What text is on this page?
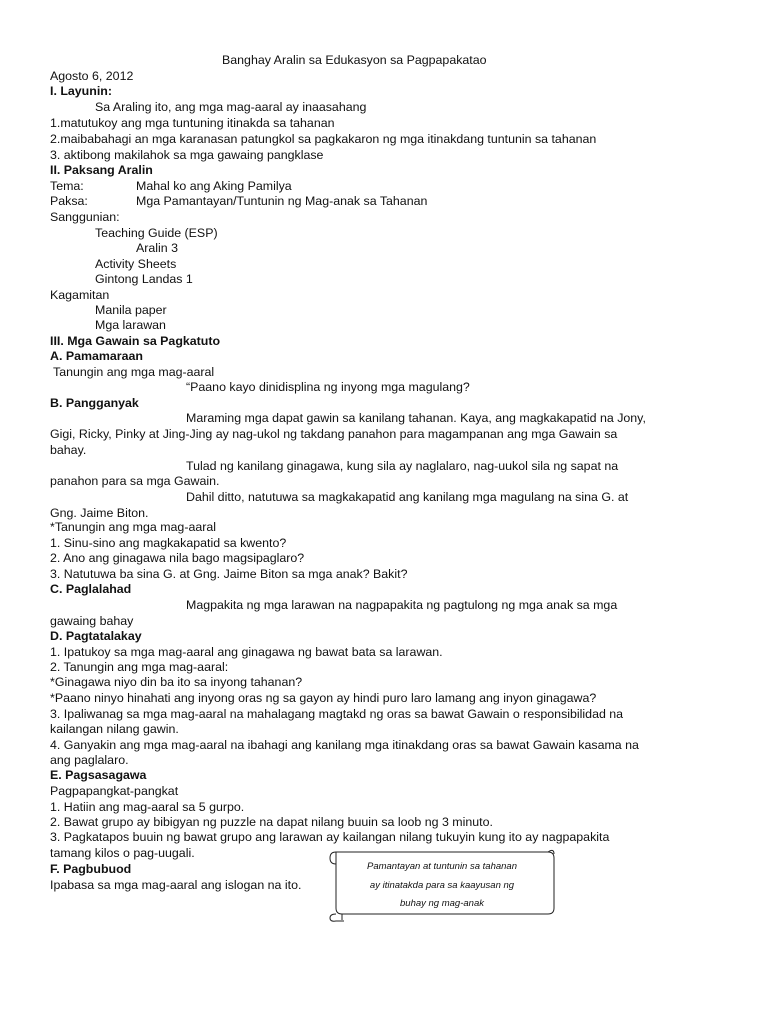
Banghay Aralin sa Edukasyon sa Pagpapakatao
Agosto 6, 2012
I. Layunin:
Sa Araling ito, ang mga mag-aaral ay inaasahang
1.matutukoy ang mga tuntuning itinakda sa tahanan
2.maibabahagi an mga karanasan patungkol sa pagkakaron ng mga itinakdang tuntunin sa tahanan
3. aktibong makilahok sa mga gawaing pangklase
II. Paksang Aralin
Tema:	Mahal ko ang Aking Pamilya
Paksa:	Mga Pamantayan/Tuntunin ng Mag-anak sa Tahanan
Sanggunian:
Teaching Guide (ESP)
Aralin 3
Activity Sheets
Gintong Landas 1
Kagamitan
Manila paper
Mga larawan
III. Mga Gawain sa Pagkatuto
A. Pamamaraan
Tanungin ang mga mag-aaral
“Paano kayo dinidisplina ng inyong mga magulang?
B. Pangganyak
Maraming mga dapat gawin sa kanilang tahanan. Kaya, ang magkakapatid na Jony,
Gigi, Ricky, Pinky at Jing-Jing ay nag-ukol ng takdang panahon para magampanan ang mga Gawain sa
bahay.
Tulad ng kanilang ginagawa, kung sila ay naglalaro, nag-uukol sila ng sapat na
panahon para sa mga Gawain.
Dahil ditto, natutuwa sa magkakapatid ang kanilang mga magulang na sina G. at
Gng. Jaime Biton.
*Tanungin ang mga mag-aaral
1. Sinu-sino ang magkakapatid sa kwento?
2. Ano ang ginagawa nila bago magsipaglaro?
3. Natutuwa ba sina G. at Gng. Jaime Biton sa mga anak? Bakit?
C. Paglalahad
Magpakita ng mga larawan na nagpapakita ng pagtulong ng mga anak sa mga
gawaing bahay
D. Pagtatalakay
1. Ipatukoy sa mga mag-aaral ang ginagawa ng bawat bata sa larawan.
2. Tanungin ang mga mag-aaral:
*Ginagawa niyo din ba ito sa inyong tahanan?
*Paano ninyo hinahati ang inyong oras ng sa gayon ay hindi puro laro lamang ang inyon ginagawa?
3. Ipaliwanag sa mga mag-aaral na mahalagang magtakd ng oras sa bawat Gawain o responsibilidad na
kailangan nilang gawin.
4. Ganyakin ang mga mag-aaral na ibahagi ang kanilang mga itinakdang oras sa bawat Gawain kasama na
ang paglalaro.
E. Pagsasagawa
Pagpapangkat-pangkat
1. Hatiin ang mag-aaral sa 5 gurpo.
2. Bawat grupo ay bibigyan ng puzzle na dapat nilang buuin sa loob ng 3 minuto.
3. Pagkatapos buuin ng bawat grupo ang larawan ay kailangan nilang tukuyin kung ito ay nagpapakita
tamang kilos o pag-uugali.
F. Pagbubuod
Ipabasa sa mga mag-aaral ang islogan na ito.
Pamantayan at tuntunin sa tahanan
ay itinatakda para sa kaayusan ng
buhay ng mag-anak
